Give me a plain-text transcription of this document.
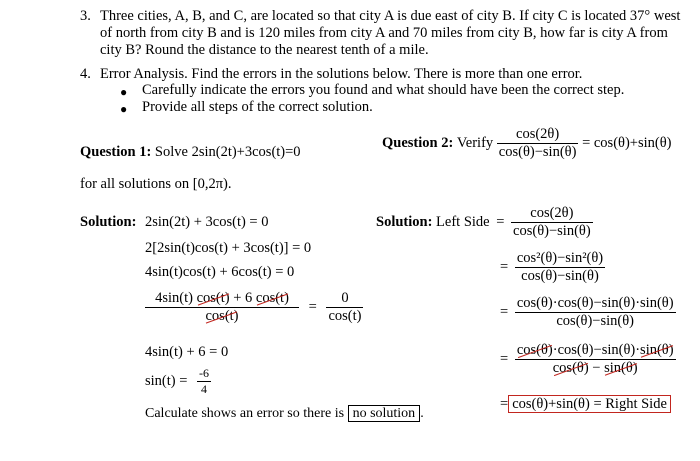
3. Three cities, A, B, and C, are located so that city A is due east of city B. If city C is located 37° west
of north from city B and is 120 miles from city A and 70 miles from city B, how far is city A from
city B? Round the distance to the nearest tenth of a mile.
4. Error Analysis. Find the errors in the solutions below. There is more than one error.
● Carefully indicate the errors you found and what should have been the correct step.
● Provide all steps of the correct solution.
Question 1: Solve 2sin(2t)+3cos(t)=0
for all solutions on [0,2π).
Question 2: Verify $\frac{\cos(2\theta)}{\cos(\theta)-\sin(\theta)} = \cos(\theta)+\sin(\theta)$
Solution: 2sin(2t) + 3cos(t) = 0
2[2sin(t)cos(t) + 3cos(t)] = 0
4sin(t)cos(t) + 6cos(t) = 0
$\frac{4\sin(t) \cos(t) + 6 \cos(t)}{\cos(t)} = \frac{0}{\cos(t)}$
4sin(t) + 6 = 0
$\sin(t) = \frac{-6}{4}$
Calculate shows an error so there is no solution .
Solution: Left Side = $\frac{\cos(2\theta)}{\cos(\theta)-\sin(\theta)}$
= $\frac{\text{cos²(θ)−sin²(θ)}}{\cos(\theta)-\sin(\theta)}$
= $\frac{\cos(\theta)\cdot\cos(\theta)-\sin(\theta)\cdot\sin(\theta)}{\cos(\theta)-\sin(\theta)}$
= $\frac{\cos(\theta)\cdot\cos(\theta)-\sin(\theta)\cdot\sin(\theta)}{\cos(\theta) - \sin(\theta)}$
= cos(θ)+sin(θ) = Right Side
